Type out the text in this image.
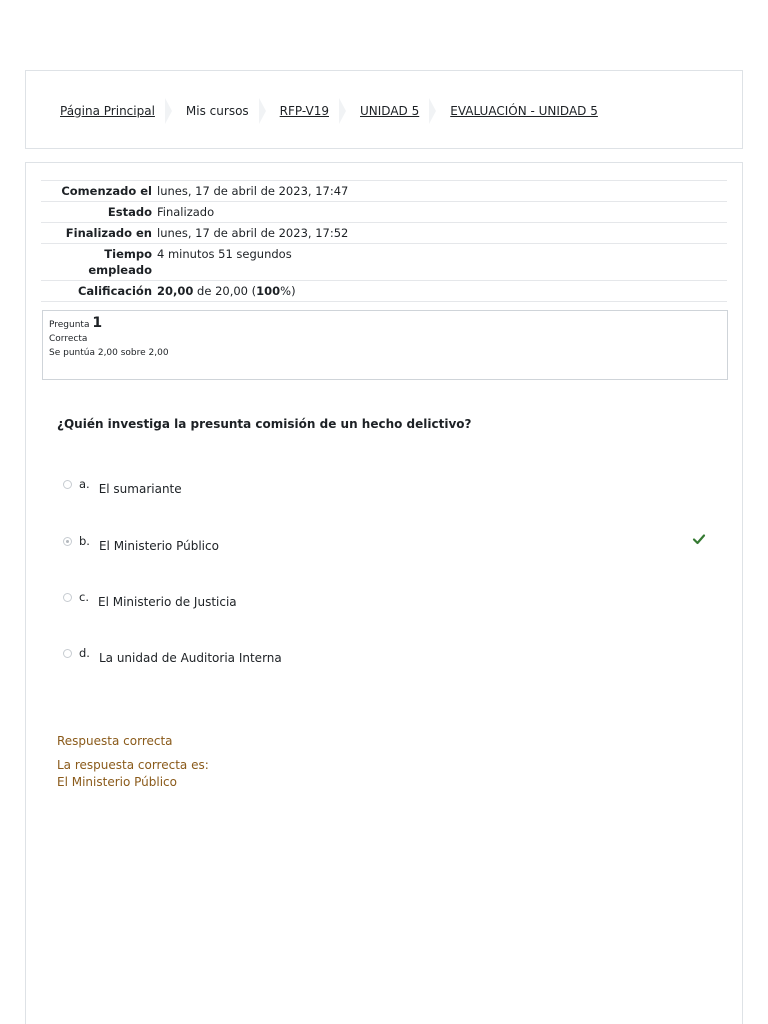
Página Principal	Mis cursos	RFP-V19	UNIDAD 5	EVALUACIÓN - UNIDAD 5
Comenzado el	lunes, 17 de abril de 2023, 17:47
Estado	Finalizado
Finalizado en	lunes, 17 de abril de 2023, 17:52
Tiempo
empleado	4 minutos 51 segundos
Calificación	20,00 de 20,00 (100%)
Pregunta 1
Correcta
Se puntúa 2,00 sobre 2,00
¿Quién investiga la presunta comisión de un hecho delictivo?
a. El sumariante
b. El Ministerio Público
c. El Ministerio de Justicia
d. La unidad de Auditoria Interna
Respuesta correcta
La respuesta correcta es:
El Ministerio Público
